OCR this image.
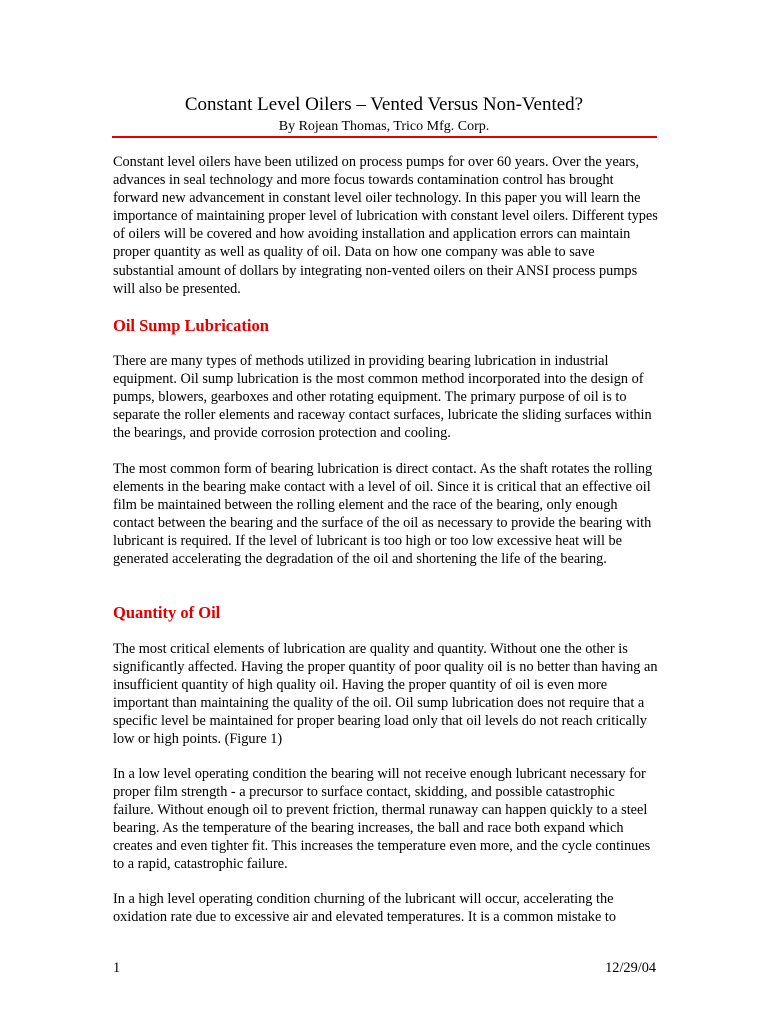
Constant Level Oilers – Vented Versus Non-Vented?
By Rojean Thomas, Trico Mfg. Corp.

Constant level oilers have been utilized on process pumps for over 60 years. Over the years, advances in seal technology and more focus towards contamination control has brought forward new advancement in constant level oiler technology. In this paper you will learn the importance of maintaining proper level of lubrication with constant level oilers. Different types of oilers will be covered and how avoiding installation and application errors can maintain proper quantity as well as quality of oil. Data on how one company was able to save substantial amount of dollars by integrating non-vented oilers on their ANSI process pumps will also be presented.

Oil Sump Lubrication

There are many types of methods utilized in providing bearing lubrication in industrial equipment. Oil sump lubrication is the most common method incorporated into the design of pumps, blowers, gearboxes and other rotating equipment. The primary purpose of oil is to separate the roller elements and raceway contact surfaces, lubricate the sliding surfaces within the bearings, and provide corrosion protection and cooling.

The most common form of bearing lubrication is direct contact. As the shaft rotates the rolling elements in the bearing make contact with a level of oil. Since it is critical that an effective oil film be maintained between the rolling element and the race of the bearing, only enough contact between the bearing and the surface of the oil as necessary to provide the bearing with lubricant is required. If the level of lubricant is too high or too low excessive heat will be generated accelerating the degradation of the oil and shortening the life of the bearing.

Quantity of Oil

The most critical elements of lubrication are quality and quantity. Without one the other is significantly affected. Having the proper quantity of poor quality oil is no better than having an insufficient quantity of high quality oil. Having the proper quantity of oil is even more important than maintaining the quality of the oil. Oil sump lubrication does not require that a specific level be maintained for proper bearing load only that oil levels do not reach critically low or high points. (Figure 1)

In a low level operating condition the bearing will not receive enough lubricant necessary for proper film strength - a precursor to surface contact, skidding, and possible catastrophic failure. Without enough oil to prevent friction, thermal runaway can happen quickly to a steel bearing. As the temperature of the bearing increases, the ball and race both expand which creates and even tighter fit. This increases the temperature even more, and the cycle continues to a rapid, catastrophic failure.

In a high level operating condition churning of the lubricant will occur, accelerating the oxidation rate due to excessive air and elevated temperatures. It is a common mistake to

1	12/29/04
